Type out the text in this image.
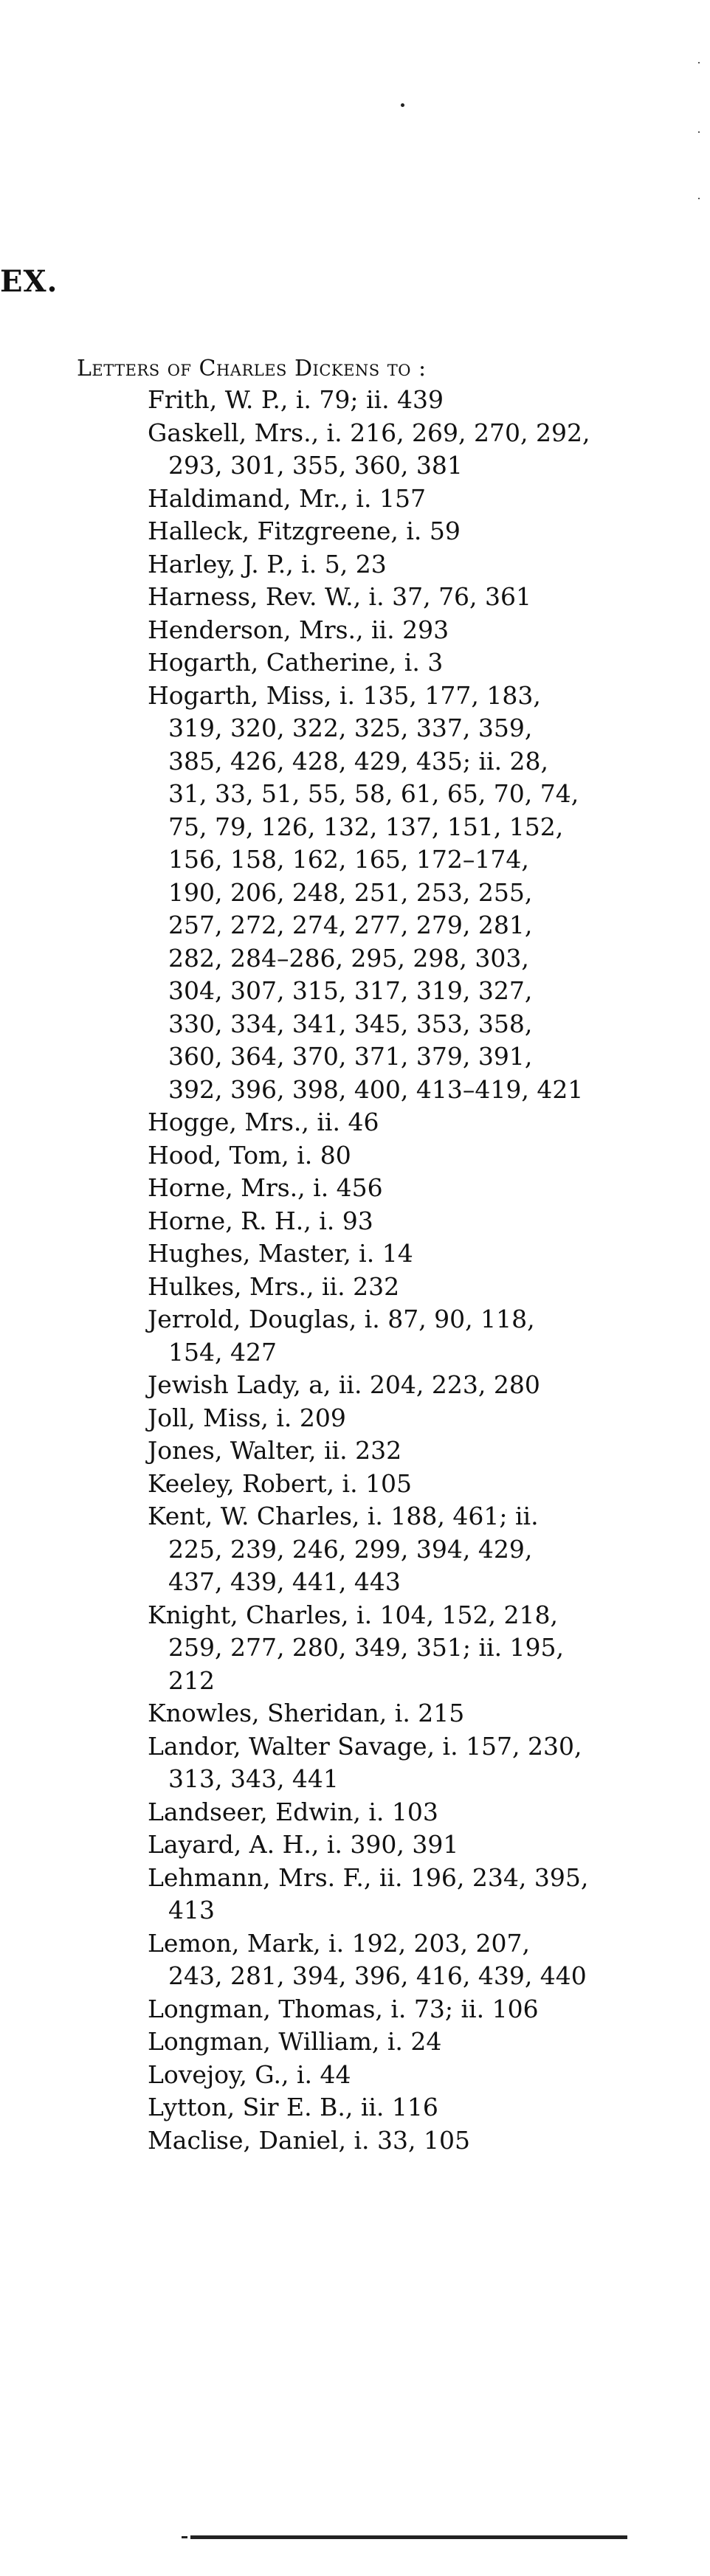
EX.
Letters of Charles Dickens to :
Frith, W. P., i. 79; ii. 439
Gaskell, Mrs., i. 216, 269, 270, 292, 293, 301, 355, 360, 381
Haldimand, Mr., i. 157
Halleck, Fitzgreene, i. 59
Harley, J. P., i. 5, 23
Harness, Rev. W., i. 37, 76, 361
Henderson, Mrs., ii. 293
Hogarth, Catherine, i. 3
Hogarth, Miss, i. 135, 177, 183, 319, 320, 322, 325, 337, 359, 385, 426, 428, 429, 435; ii. 28, 31, 33, 51, 55, 58, 61, 65, 70, 74, 75, 79, 126, 132, 137, 151, 152, 156, 158, 162, 165, 172–174, 190, 206, 248, 251, 253, 255, 257, 272, 274, 277, 279, 281, 282, 284–286, 295, 298, 303, 304, 307, 315, 317, 319, 327, 330, 334, 341, 345, 353, 358, 360, 364, 370, 371, 379, 391, 392, 396, 398, 400, 413–419, 421
Hogge, Mrs., ii. 46
Hood, Tom, i. 80
Horne, Mrs., i. 456
Horne, R. H., i. 93
Hughes, Master, i. 14
Hulkes, Mrs., ii. 232
Jerrold, Douglas, i. 87, 90, 118, 154, 427
Jewish Lady, a, ii. 204, 223, 280
Joll, Miss, i. 209
Jones, Walter, ii. 232
Keeley, Robert, i. 105
Kent, W. Charles, i. 188, 461; ii. 225, 239, 246, 299, 394, 429, 437, 439, 441, 443
Knight, Charles, i. 104, 152, 218, 259, 277, 280, 349, 351; ii. 195, 212
Knowles, Sheridan, i. 215
Landor, Walter Savage, i. 157, 230, 313, 343, 441
Landseer, Edwin, i. 103
Layard, A. H., i. 390, 391
Lehmann, Mrs. F., ii. 196, 234, 395, 413
Lemon, Mark, i. 192, 203, 207, 243, 281, 394, 396, 416, 439, 440
Longman, Thomas, i. 73; ii. 106
Longman, William, i. 24
Lovejoy, G., i. 44
Lytton, Sir E. B., ii. 116
Maclise, Daniel, i. 33, 105
